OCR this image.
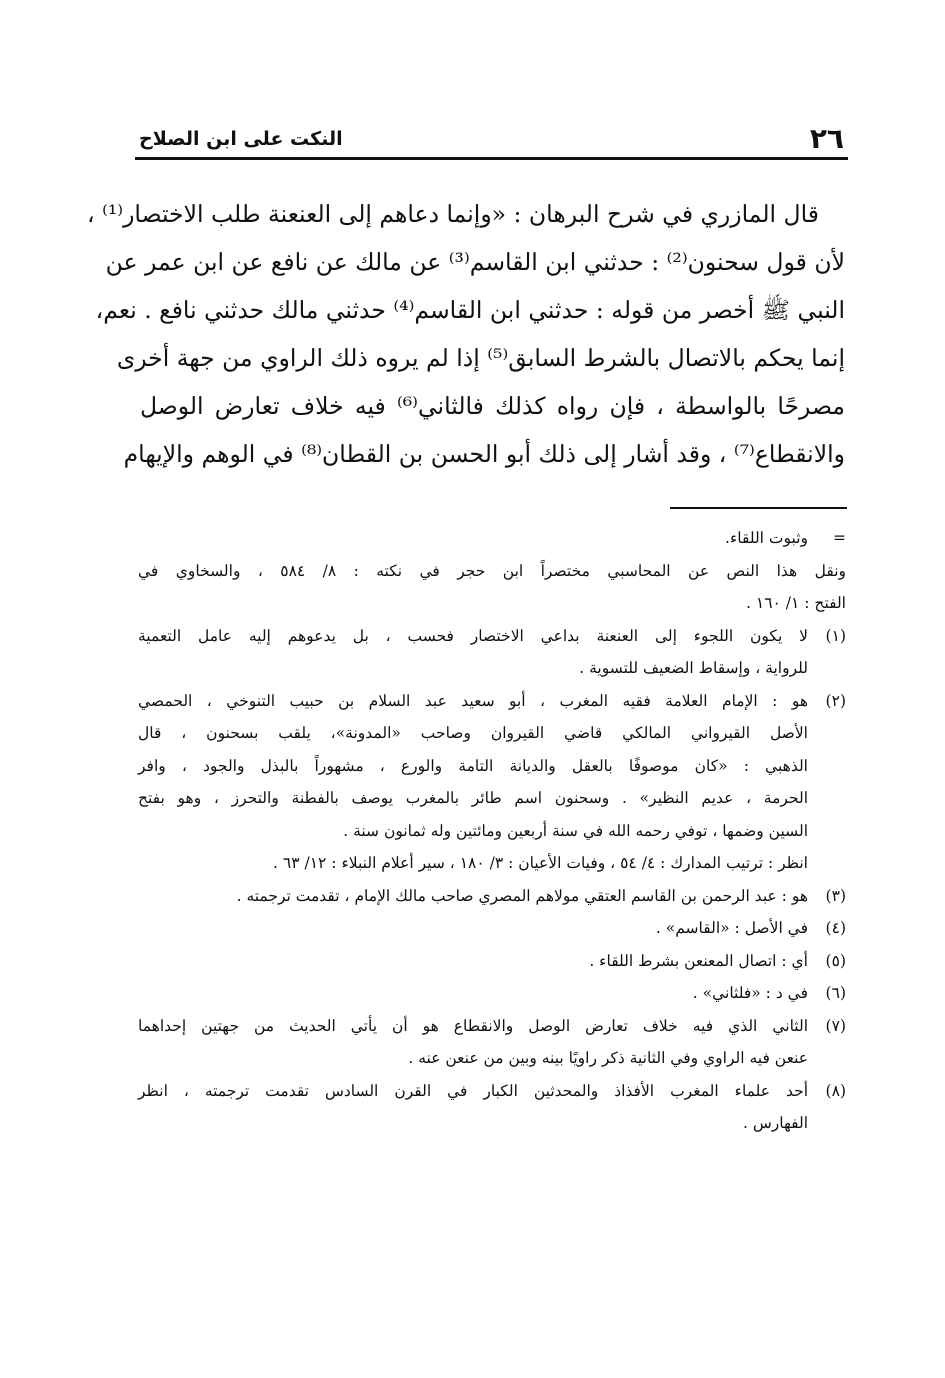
٢٦
النكت على ابن الصلاح
قال المازري في شرح البرهان : «وإنما دعاهم إلى العنعنة طلب الاختصار⁽¹⁾ ،
لأن قول سحنون⁽²⁾ : حدثني ابن القاسم⁽³⁾ عن مالك عن نافع عن ابن عمر عن
النبي ﷺ أخصر من قوله : حدثني ابن القاسم⁽⁴⁾ حدثني مالك حدثني نافع . نعم،
إنما يحكم بالاتصال بالشرط السابق⁽⁵⁾ إذا لم يروه ذلك الراوي من جهة أخرى
مصرحًا بالواسطة ، فإن رواه كذلك فالثاني⁽⁶⁾ فيه خلاف تعارض الوصل
والانقطاع⁽⁷⁾ ، وقد أشار إلى ذلك أبو الحسن بن القطان⁽⁸⁾ في الوهم والإيهام
=وثبوت اللقاء.
ونقل هذا النص عن المحاسبي مختصراً ابن حجر في نكته : ٨/ ٥٨٤ ، والسخاوي في
الفتح : ١/ ١٦٠ .
(١)لا يكون اللجوء إلى العنعنة بداعي الاختصار فحسب ، بل يدعوهم إليه عامل التعمية
للرواية ، وإسقاط الضعيف للتسوية .
(٢)هو : الإمام العلامة فقيه المغرب ، أبو سعيد عبد السلام بن حبيب التنوخي ، الحمصي
الأصل القيرواني المالكي قاضي القيروان وصاحب «المدونة»، يلقب بسحنون ، قال
الذهبي : «كان موصوفًا بالعقل والديانة التامة والورع ، مشهوراً بالبذل والجود ، وافر
الحرمة ، عديم النظير» . وسحنون اسم طائر بالمغرب يوصف بالفطنة والتحرز ، وهو بفتح
السين وضمها ، توفي رحمه الله في سنة أربعين ومائتين وله ثمانون سنة .
انظر : ترتيب المدارك : ٤/ ٥٤ ، وفيات الأعيان : ٣/ ١٨٠ ، سير أعلام النبلاء : ١٢/ ٦٣ .
(٣)هو : عبد الرحمن بن القاسم العتقي مولاهم المصري صاحب مالك الإمام ، تقدمت ترجمته .
(٤)في الأصل : «القاسم» .
(٥)أي : اتصال المعنعن بشرط اللقاء .
(٦)في د : «فلثاني» .
(٧)الثاني الذي فيه خلاف تعارض الوصل والانقطاع هو أن يأتي الحديث من جهتين إحداهما
عنعن فيه الراوي وفي الثانية ذكر راويًا بينه وبين من عنعن عنه .
(٨)أحد علماء المغرب الأفذاذ والمحدثين الكبار في القرن السادس تقدمت ترجمته ، انظر
الفهارس .
